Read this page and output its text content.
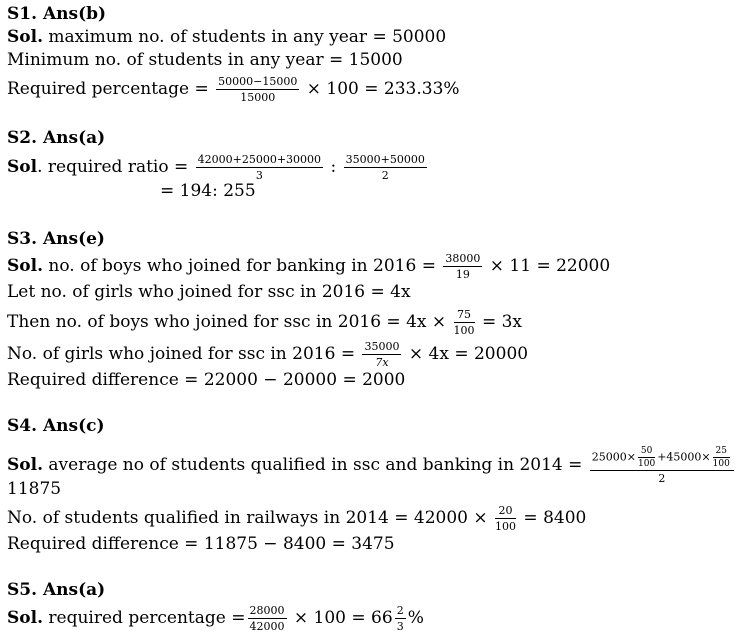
S1. Ans(b)
Sol. maximum no. of students in any year = 50000
Minimum no. of students in any year = 15000
Required percentage = $\frac{50000-15000}{15000} \times 100 = 233.33\%$
S2. Ans(a)
Sol. required ratio = $\frac{42000+25000+30000}{3}$ : $\frac{35000+50000}{2}$
= 194: 255
S3. Ans(e)
Sol. no. of boys who joined for banking in $2016 = \frac{38000}{19} \times 11 = 22000$
Let no. of girls who joined for ssc in 2016 = 4x
Then no. of boys who joined for ssc in $2016 = 4x \times \frac{75}{100} = 3x$
No. of girls who joined for ssc in $2016 = \frac{35000}{7x} \times 4x = 20000$
Required difference = 22000 − 20000 = 2000
S4. Ans(c)
Sol. average no of students qualified in ssc and banking in $2014 = \frac{25000\times \frac{50}{100} +45000\times \frac{25}{100}}{2}$
11875
No. of students qualified in railways in $2014 = 42000 \times \frac{20}{100} = 8400$
Required difference = 11875 − 8400 = 3475
S5. Ans(a)
Sol. required percentage = $\frac{28000}{42000} \times 100 = 66 \frac{2}{3}$ %
